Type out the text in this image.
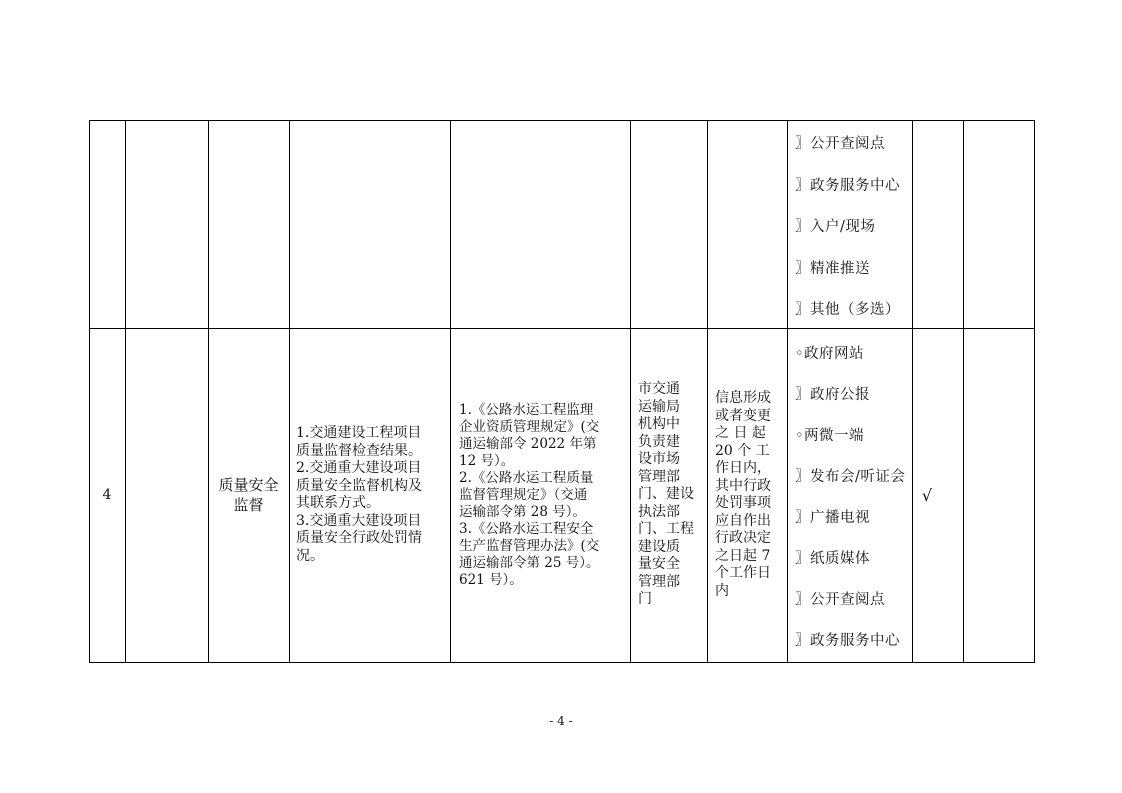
〗公开查阅点
〗政务服务中心
〗入户/现场
〗精准推送
〗其他（多选）
4
质量安全
监督
1.交通建设工程项目
质量监督检查结果。
2.交通重大建设项目
质量安全监督机构及
其联系方式。
3.交通重大建设项目
质量安全行政处罚情
况。
1.《公路水运工程监理
企业资质管理规定》(交
通运输部令 2022 年第
12 号）。
2.《公路水运工程质量
监督管理规定》（交通
运输部令第 28 号）。
3.《公路水运工程安全
生产监督管理办法》(交
通运输部令第 25 号）。
621 号）。
市交通
运输局
机构中
负责建
设市场
管理部
门、建设
执法部
门、工程
建设质
量安全
管理部
门
信息形成
或者变更
之 日 起
20 个 工
作日内，
其中行政
处罚事项
应自作出
行政决定
之日起 7
个工作日
内
◦政府网站
〗政府公报
◦两微一端
〗发布会/听证会
〗广播电视
〗纸质媒体
〗公开查阅点
〗政务服务中心
√
- 4 -
